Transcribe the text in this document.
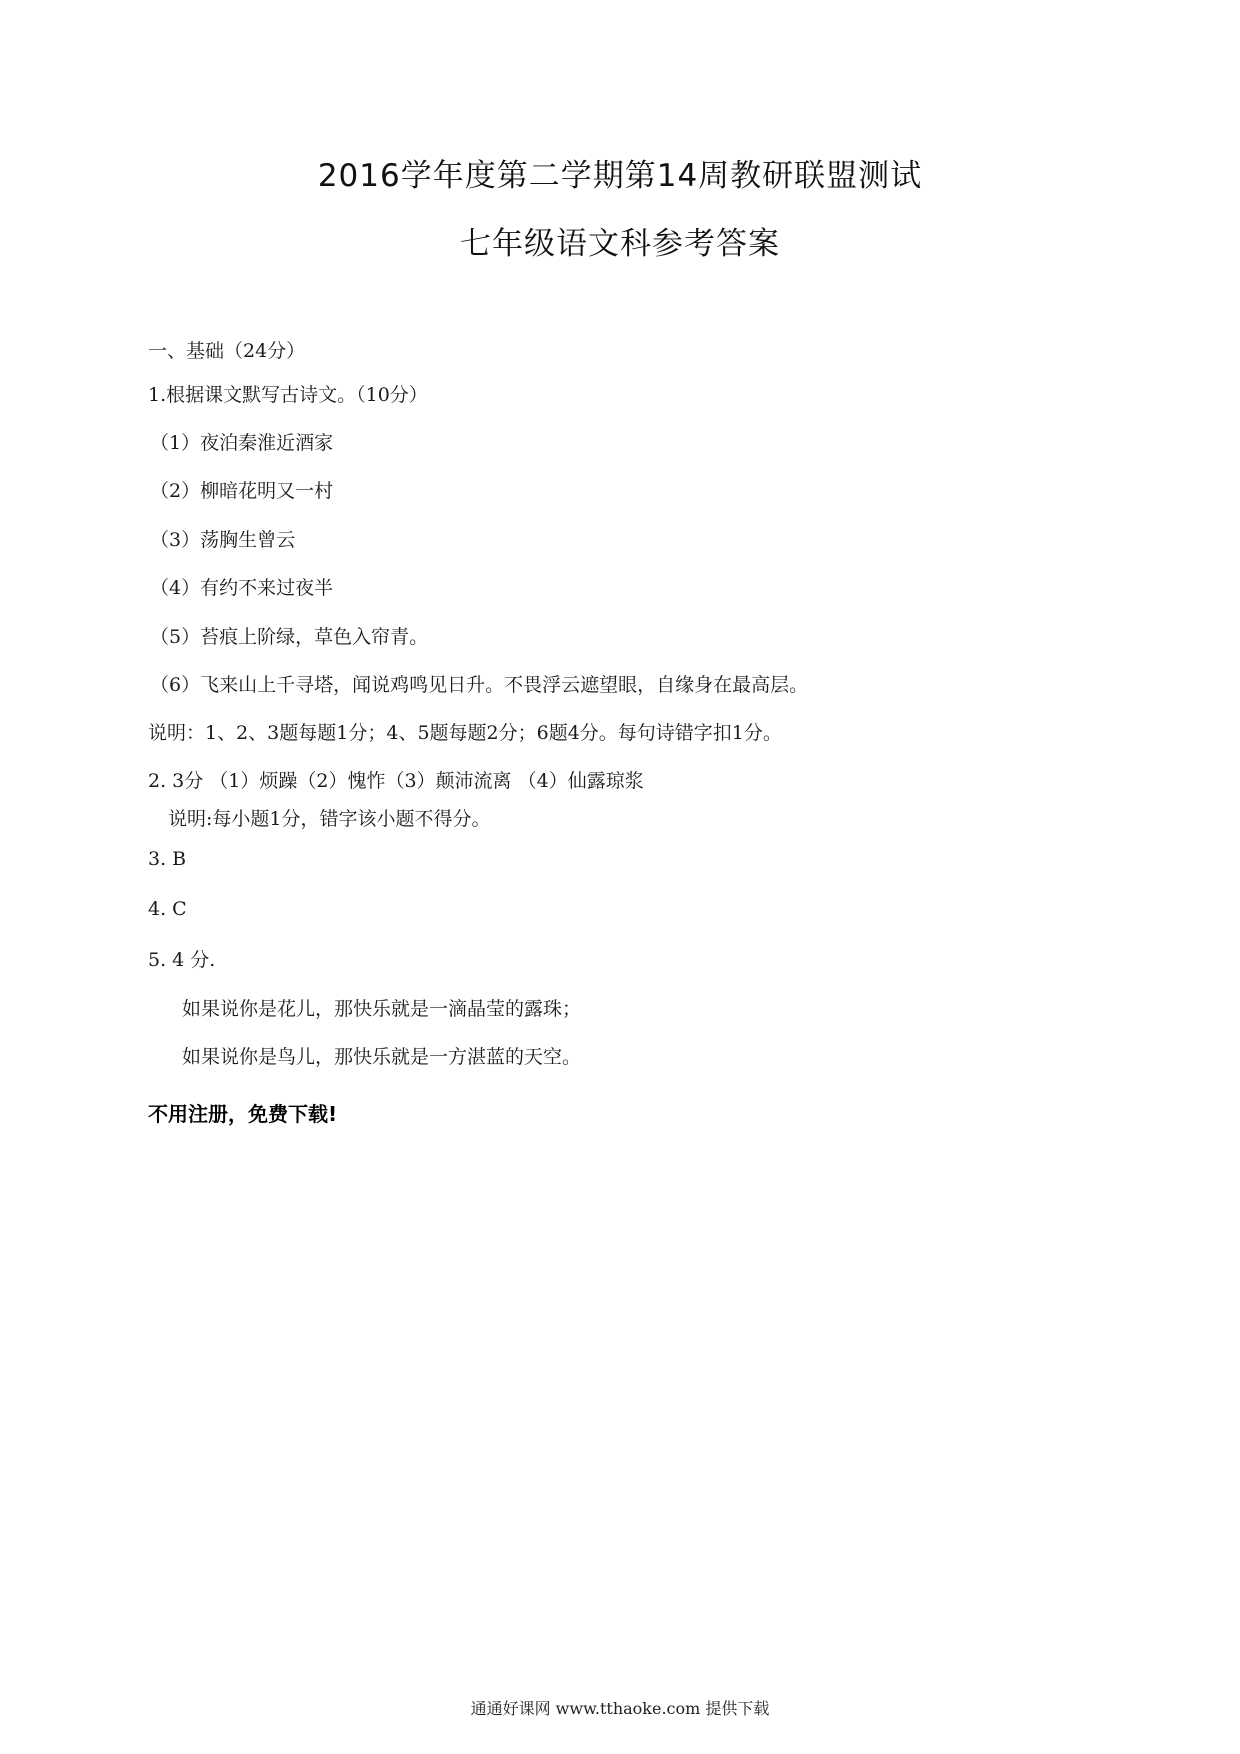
2016学年度第二学期第14周教研联盟测试
七年级语文科参考答案
一、基础（24分）
1.根据课文默写古诗文。（10分）
（1）夜泊秦淮近酒家
（2）柳暗花明又一村
（3）荡胸生曾云
（4）有约不来过夜半
（5）苔痕上阶绿，草色入帘青。
（6）飞来山上千寻塔，闻说鸡鸣见日升。不畏浮云遮望眼，自缘身在最高层。
说明：1、2、3题每题1分；4、5题每题2分；6题4分。每句诗错字扣1分。
2. 3分 （1）烦躁（2）愧怍（3）颠沛流离 （4）仙露琼浆
说明:每小题1分，错字该小题不得分。
3. B
4. C
5. 4 分.
如果说你是花儿，那快乐就是一滴晶莹的露珠；
如果说你是鸟儿，那快乐就是一方湛蓝的天空。
不用注册，免费下载!
通通好课网 www.tthaoke.com 提供下载
